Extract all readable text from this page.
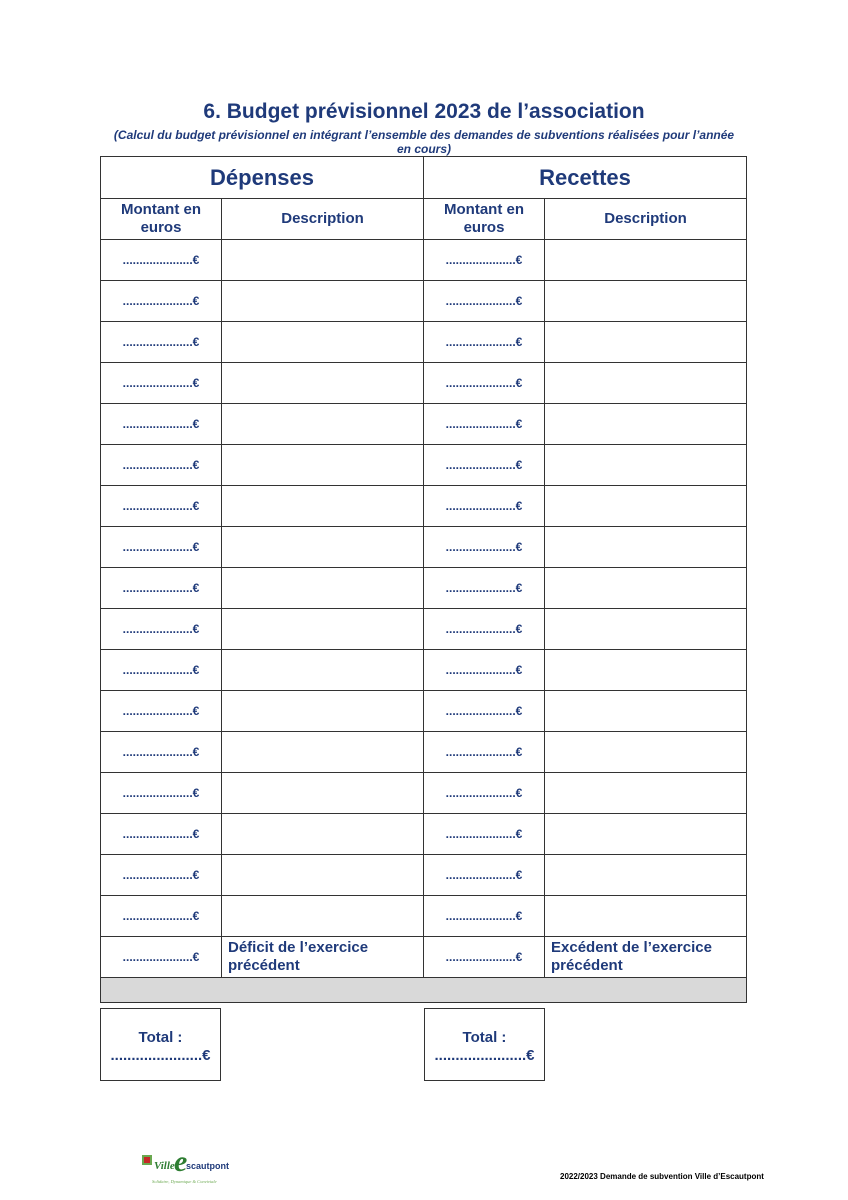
6. Budget prévisionnel 2023 de l’association
(Calcul du budget prévisionnel en intégrant l’ensemble des demandes de subventions réalisées pour l’année en cours)
Dépenses		Recettes	
Montant en euros	Description	Montant en euros	Description
.....................€		.....................€	
.....................€		.....................€	
.....................€		.....................€	
.....................€		.....................€	
.....................€		.....................€	
.....................€		.....................€	
.....................€		.....................€	
.....................€		.....................€	
.....................€		.....................€	
.....................€		.....................€	
.....................€		.....................€	
.....................€		.....................€	
.....................€		.....................€	
.....................€		.....................€	
.....................€		.....................€	
.....................€		.....................€	
.....................€		.....................€	
.....................€	Déficit de l’exercice précédent	.....................€	Excédent de l’exercice précédent

Total :
......................€
Total :
......................€
Ville e
scautpont
Solidaire, Dynamique & Conviviale
2022/2023 Demande de subvention Ville d’Escautpont
